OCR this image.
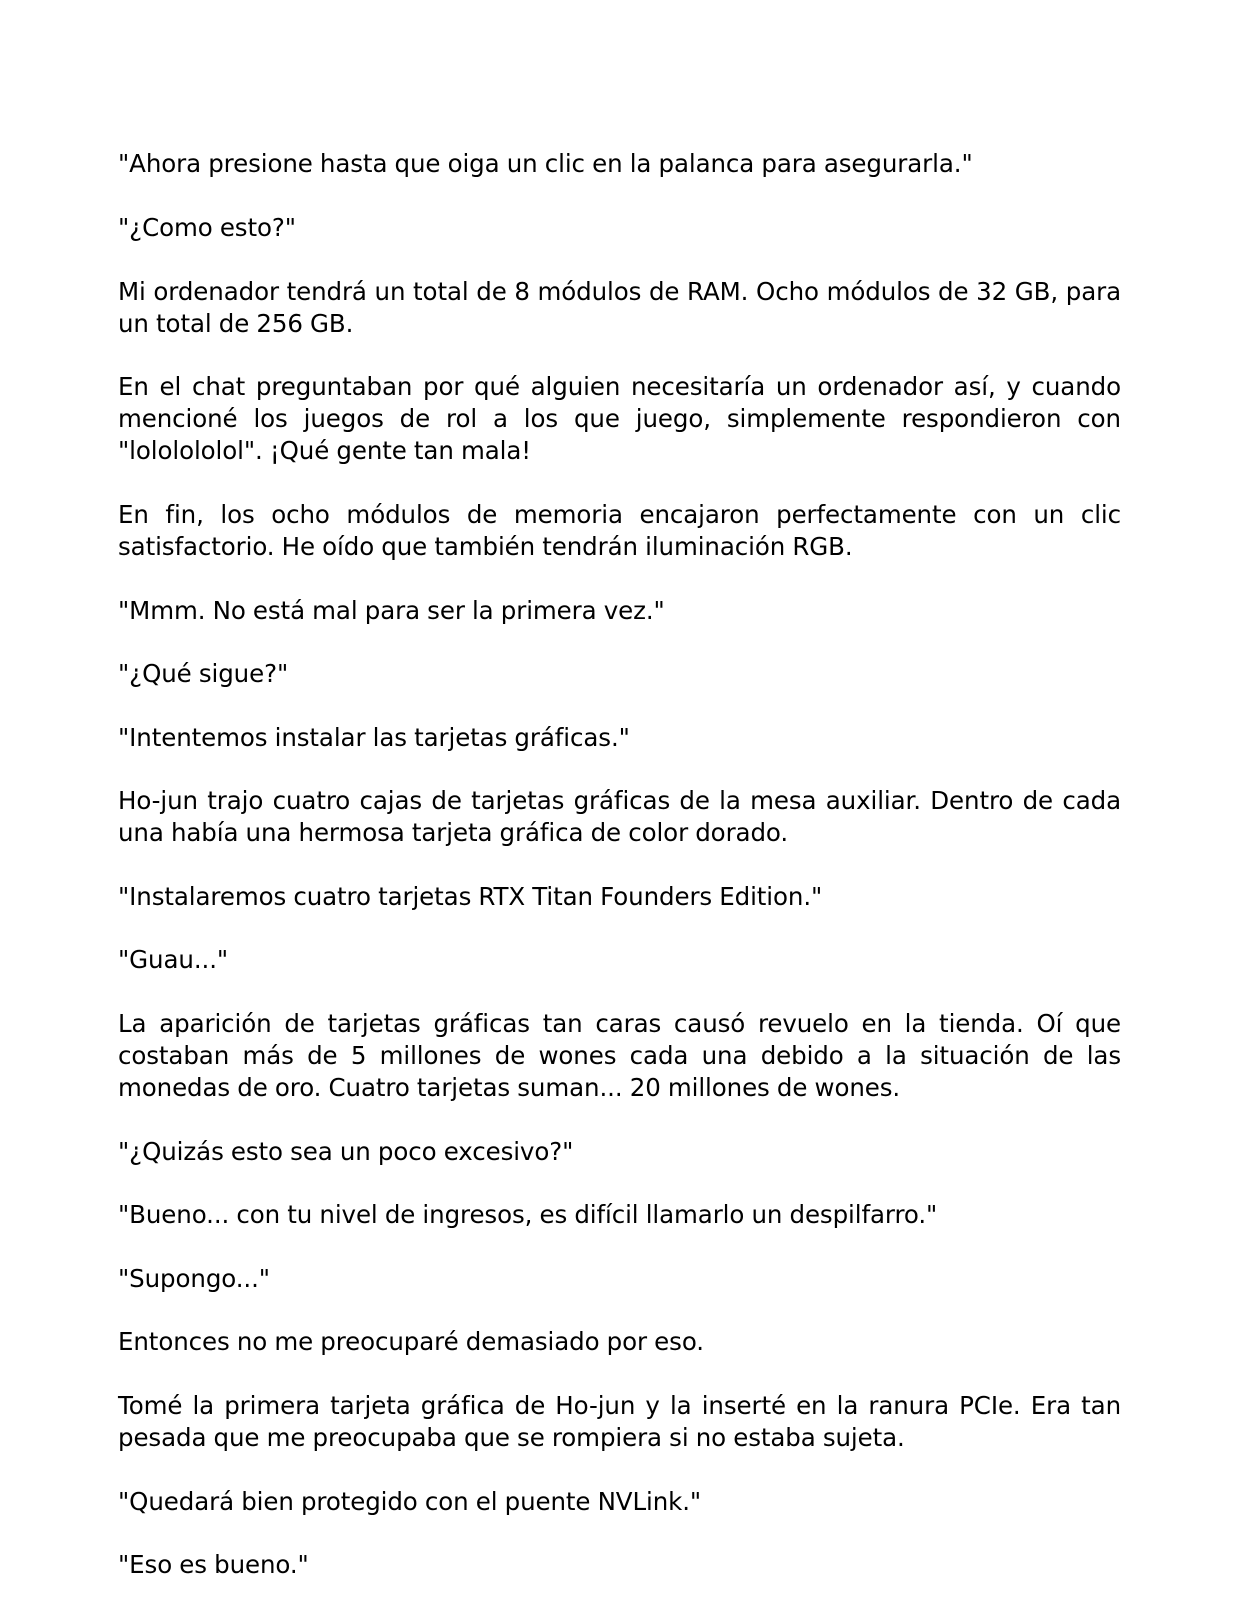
"Ahora presione hasta que oiga un clic en la palanca para asegurarla."

"¿Como esto?"

Mi ordenador tendrá un total de 8 módulos de RAM. Ocho módulos de 32 GB, para un total de 256 GB.

En el chat preguntaban por qué alguien necesitaría un ordenador así, y cuando mencioné los juegos de rol a los que juego, simplemente respondieron con "lololololol". ¡Qué gente tan mala!

En fin, los ocho módulos de memoria encajaron perfectamente con un clic satisfactorio. He oído que también tendrán iluminación RGB.

"Mmm. No está mal para ser la primera vez."

"¿Qué sigue?"

"Intentemos instalar las tarjetas gráficas."

Ho-jun trajo cuatro cajas de tarjetas gráficas de la mesa auxiliar. Dentro de cada una había una hermosa tarjeta gráfica de color dorado.

"Instalaremos cuatro tarjetas RTX Titan Founders Edition."

"Guau..."

La aparición de tarjetas gráficas tan caras causó revuelo en la tienda. Oí que costaban más de 5 millones de wones cada una debido a la situación de las monedas de oro. Cuatro tarjetas suman... 20 millones de wones.

"¿Quizás esto sea un poco excesivo?"

"Bueno... con tu nivel de ingresos, es difícil llamarlo un despilfarro."

"Supongo..."

Entonces no me preocuparé demasiado por eso.

Tomé la primera tarjeta gráfica de Ho-jun y la inserté en la ranura PCIe. Era tan pesada que me preocupaba que se rompiera si no estaba sujeta.

"Quedará bien protegido con el puente NVLink."

"Eso es bueno."
